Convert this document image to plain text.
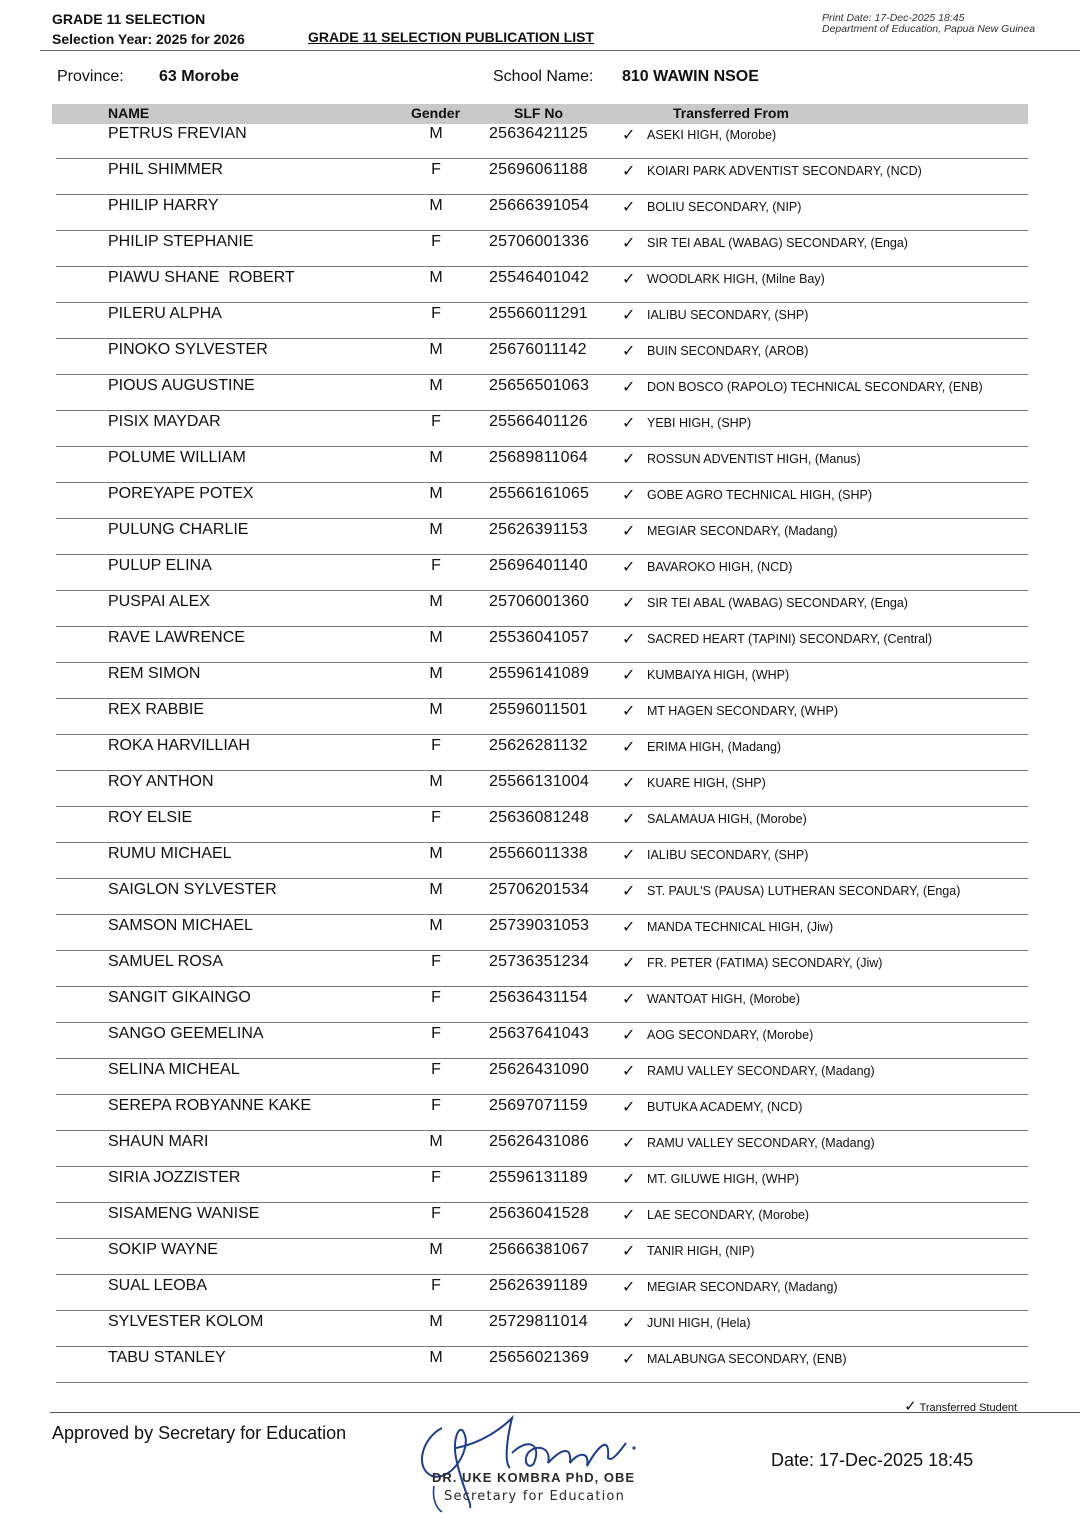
GRADE 11 SELECTION
Selection Year: 2025 for 2026	GRADE 11 SELECTION PUBLICATION LIST
Print Date: 17-Dec-2025 18:45
Department of Education, Papua New Guinea
Province: 63 Morobe	School Name: 810 WAWIN NSOE
NAME	Gender	SLF No	Transferred From
PETRUS FREVIAN	M	25636421125 ✓ ASEKI HIGH, (Morobe)
PHIL SHIMMER	F	25696061188 ✓ KOIARI PARK ADVENTIST SECONDARY, (NCD)
PHILIP HARRY	M	25666391054 ✓ BOLIU SECONDARY, (NIP)
PHILIP STEPHANIE	F	25706001336 ✓ SIR TEI ABAL (WABAG) SECONDARY, (Enga)
PIAWU SHANE  ROBERT	M	25546401042 ✓ WOODLARK HIGH, (Milne Bay)
PILERU ALPHA	F	25566011291 ✓ IALIBU SECONDARY, (SHP)
PINOKO SYLVESTER	M	25676011142 ✓ BUIN SECONDARY, (AROB)
PIOUS AUGUSTINE	M	25656501063 ✓ DON BOSCO (RAPOLO) TECHNICAL SECONDARY, (ENB)
PISIX MAYDAR	F	25566401126 ✓ YEBI HIGH, (SHP)
POLUME WILLIAM	M	25689811064 ✓ ROSSUN ADVENTIST HIGH, (Manus)
POREYAPE POTEX	M	25566161065 ✓ GOBE AGRO TECHNICAL HIGH, (SHP)
PULUNG CHARLIE	M	25626391153 ✓ MEGIAR SECONDARY, (Madang)
PULUP ELINA	F	25696401140 ✓ BAVAROKO HIGH, (NCD)
PUSPAI ALEX	M	25706001360 ✓ SIR TEI ABAL (WABAG) SECONDARY, (Enga)
RAVE LAWRENCE	M	25536041057 ✓ SACRED HEART (TAPINI) SECONDARY, (Central)
REM SIMON	M	25596141089 ✓ KUMBAIYA HIGH, (WHP)
REX RABBIE	M	25596011501 ✓ MT HAGEN SECONDARY, (WHP)
ROKA HARVILLIAH	F	25626281132 ✓ ERIMA HIGH, (Madang)
ROY ANTHON	M	25566131004 ✓ KUARE HIGH, (SHP)
ROY ELSIE	F	25636081248 ✓ SALAMAUA HIGH, (Morobe)
RUMU MICHAEL	M	25566011338 ✓ IALIBU SECONDARY, (SHP)
SAIGLON SYLVESTER	M	25706201534 ✓ ST. PAUL'S (PAUSA) LUTHERAN SECONDARY, (Enga)
SAMSON MICHAEL	M	25739031053 ✓ MANDA TECHNICAL HIGH, (Jiw)
SAMUEL ROSA	F	25736351234 ✓ FR. PETER (FATIMA) SECONDARY, (Jiw)
SANGIT GIKAINGO	F	25636431154 ✓ WANTOAT HIGH, (Morobe)
SANGO GEEMELINA	F	25637641043 ✓ AOG SECONDARY, (Morobe)
SELINA MICHEAL	F	25626431090 ✓ RAMU VALLEY SECONDARY, (Madang)
SEREPA ROBYANNE KAKE	F	25697071159 ✓ BUTUKA ACADEMY, (NCD)
SHAUN MARI	M	25626431086 ✓ RAMU VALLEY SECONDARY, (Madang)
SIRIA JOZZISTER	F	25596131189 ✓ MT. GILUWE HIGH, (WHP)
SISAMENG WANISE	F	25636041528 ✓ LAE SECONDARY, (Morobe)
SOKIP WAYNE	M	25666381067 ✓ TANIR HIGH, (NIP)
SUAL LEOBA	F	25626391189 ✓ MEGIAR SECONDARY, (Madang)
SYLVESTER KOLOM	M	25729811014 ✓ JUNI HIGH, (Hela)
TABU STANLEY	M	25656021369 ✓ MALABUNGA SECONDARY, (ENB)
✓ Transferred Student
Approved by Secretary for Education
DR. UKE KOMBRA PhD, OBE
Secretary for Education
Date: 17-Dec-2025 18:45
